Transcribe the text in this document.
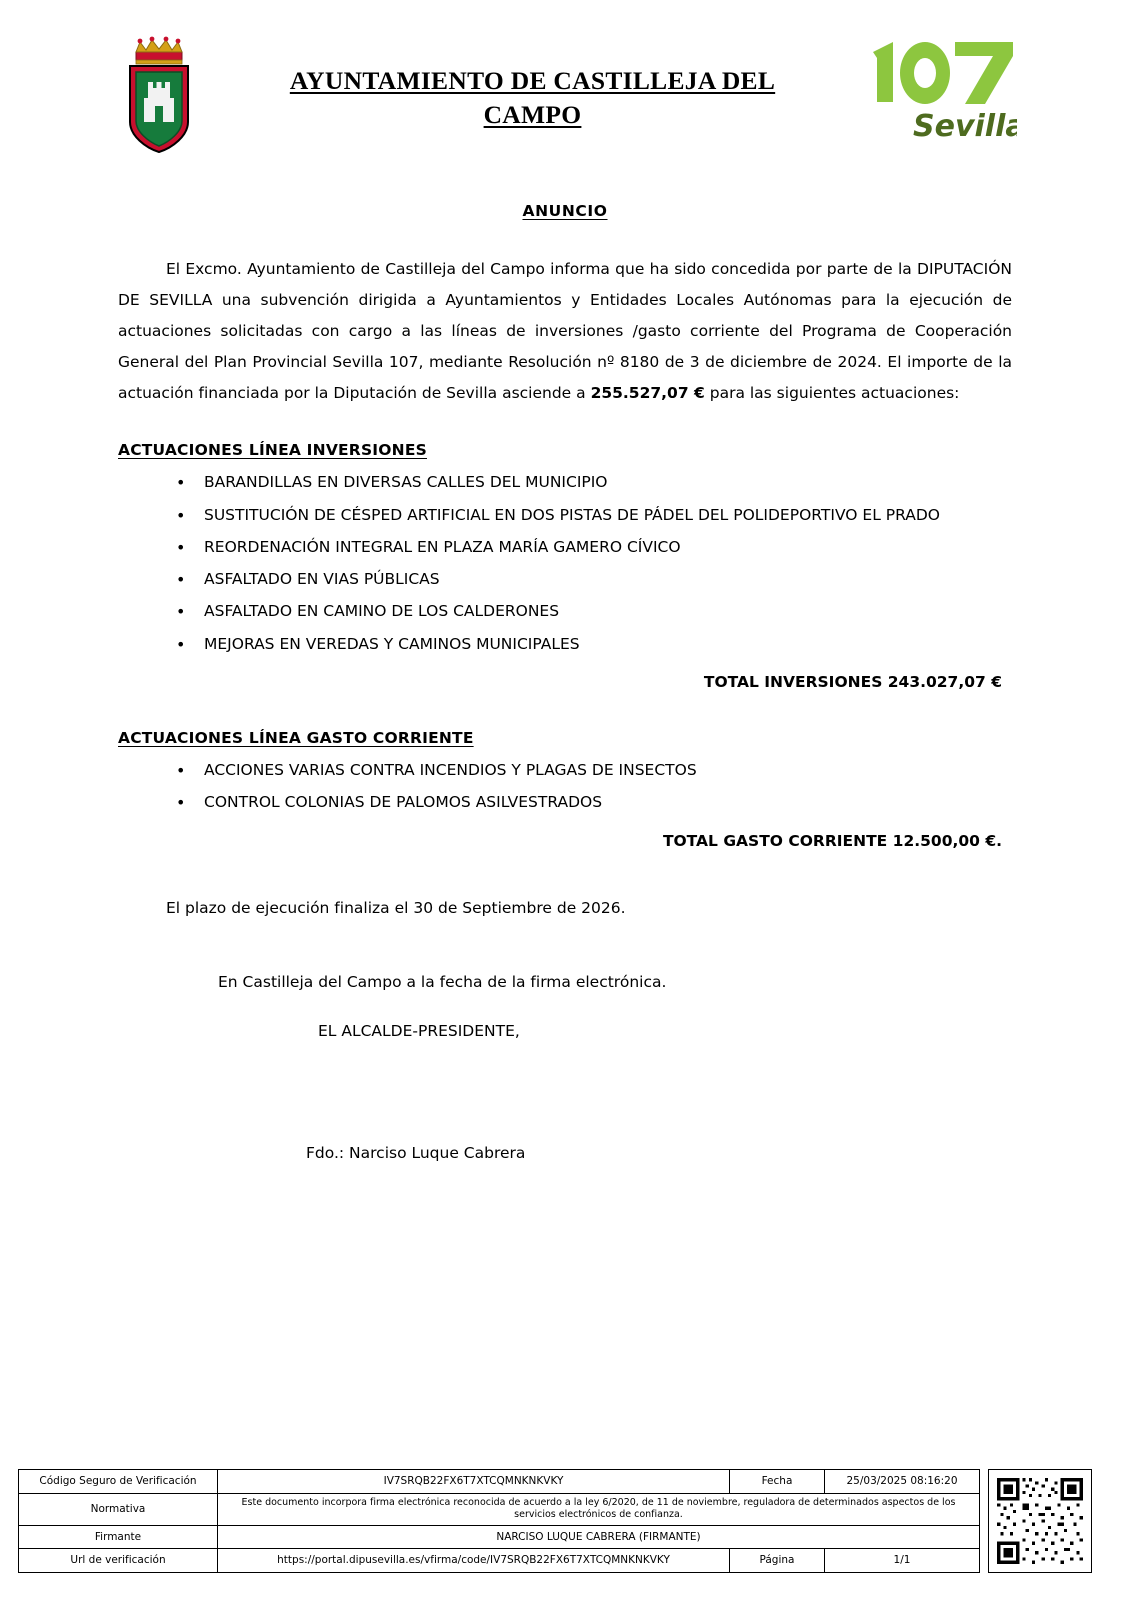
AYUNTAMIENTO DE CASTILLEJA DEL
CAMPO	Sevilla
ANUNCIO

El Excmo. Ayuntamiento de Castilleja del Campo informa que ha sido concedida por parte de la DIPUTACIÓN DE SEVILLA una subvención dirigida a Ayuntamientos y Entidades Locales Autónomas para la ejecución de actuaciones solicitadas con cargo a las líneas de inversiones /gasto corriente del Programa de Cooperación General del Plan Provincial Sevilla 107, mediante Resolución nº 8180 de 3 de diciembre de 2024. El importe de la actuación financiada por la Diputación de Sevilla asciende a 255.527,07 € para las siguientes actuaciones:

ACTUACIONES LÍNEA INVERSIONES
• BARANDILLAS EN DIVERSAS CALLES DEL MUNICIPIO
• SUSTITUCIÓN DE CÉSPED ARTIFICIAL EN DOS PISTAS DE PÁDEL DEL POLIDEPORTIVO EL PRADO
• REORDENACIÓN INTEGRAL EN PLAZA MARÍA GAMERO CÍVICO
• ASFALTADO EN VIAS PÚBLICAS
• ASFALTADO EN CAMINO DE LOS CALDERONES
• MEJORAS EN VEREDAS Y CAMINOS MUNICIPALES
TOTAL INVERSIONES 243.027,07 €
ACTUACIONES LÍNEA GASTO CORRIENTE
• ACCIONES VARIAS CONTRA INCENDIOS Y PLAGAS DE INSECTOS
• CONTROL COLONIAS DE PALOMOS ASILVESTRADOS
TOTAL GASTO CORRIENTE 12.500,00 €.
El plazo de ejecución finaliza el 30 de Septiembre de 2026.
En Castilleja del Campo a la fecha de la firma electrónica.
EL ALCALDE-PRESIDENTE,
Fdo.: Narciso Luque Cabrera
Código Seguro de Verificación	IV7SRQB22FX6T7XTCQMNKNKVKY	Fecha	25/03/2025 08:16:20
Normativa	Este documento incorpora firma electrónica reconocida de acuerdo a la ley 6/2020, de 11 de noviembre, reguladora de determinados aspectos de los servicios electrónicos de confianza.		
Firmante	NARCISO LUQUE CABRERA (FIRMANTE)		
Url de verificación	https://portal.dipusevilla.es/vfirma/code/IV7SRQB22FX6T7XTCQMNKNKVKY	Página	1/1
